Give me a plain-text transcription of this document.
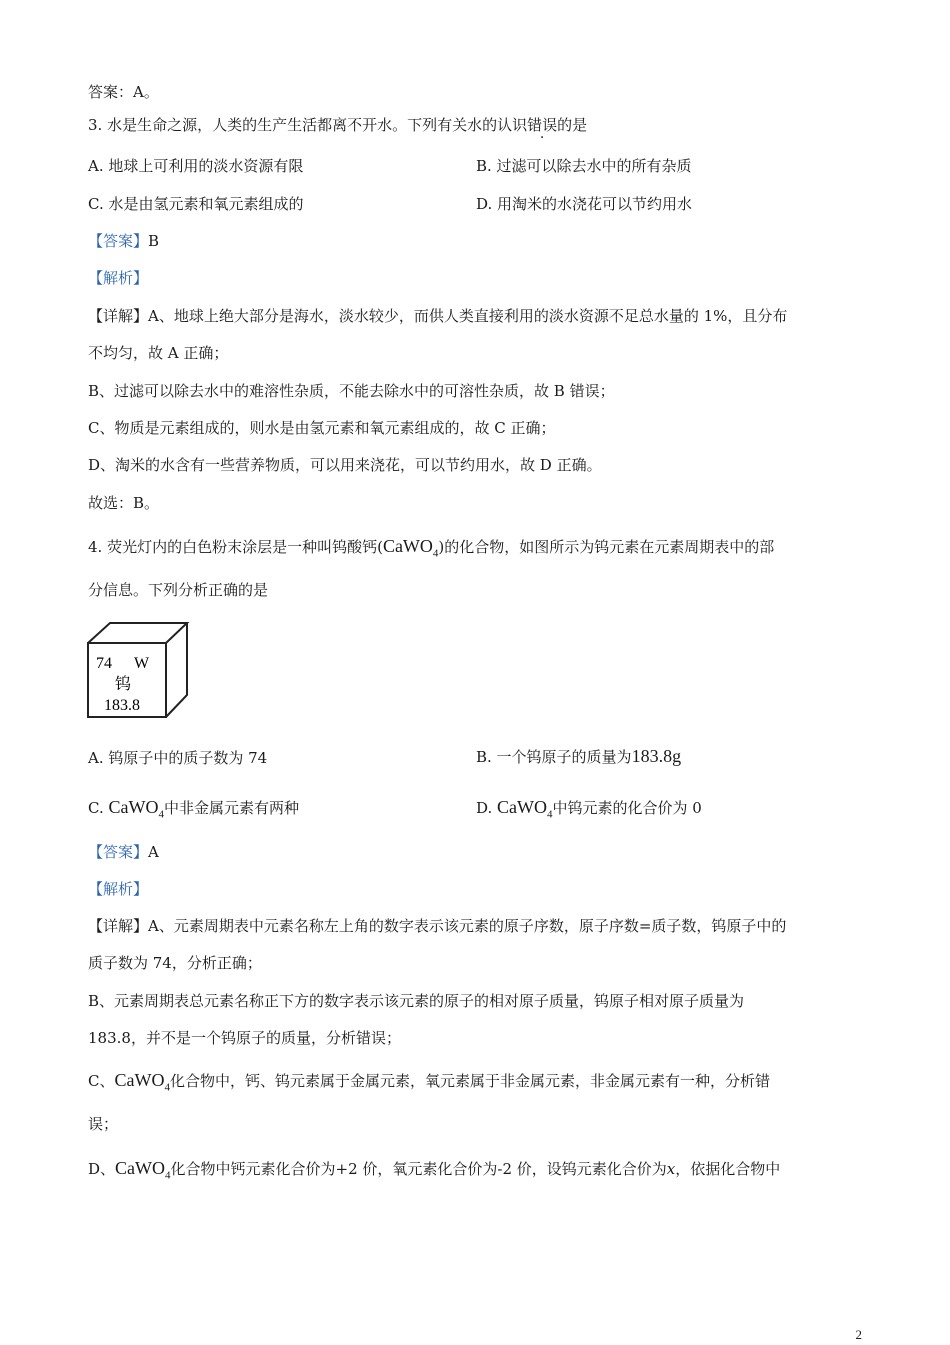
答案：A。
3. 水是生命之源，人类的生产生活都离不开水。下列有关水的认识错误的是
A. 地球上可利用的淡水资源有限	B. 过滤可以除去水中的所有杂质
C. 水是由氢元素和氧元素组成的	D. 用淘米的水浇花可以节约用水
【答案】B
【解析】
【详解】A、地球上绝大部分是海水，淡水较少，而供人类直接利用的淡水资源不足总水量的 1%，且分布
不均匀，故 A 正确；
B、过滤可以除去水中的难溶性杂质，不能去除水中的可溶性杂质，故 B 错误；
C、物质是元素组成的，则水是由氢元素和氧元素组成的，故 C 正确；
D、淘米的水含有一些营养物质，可以用来浇花，可以节约用水，故 D 正确。
故选：B。
4. 荧光灯内的白色粉末涂层是一种叫钨酸钙(CaWO$_4$)的化合物，如图所示为钨元素在元素周期表中的部
分信息。下列分析正确的是
74 W
钨
183.8
A. 钨原子中的质子数为 74	B. 一个钨原子的质量为183.8g
C. CaWO$_4$中非金属元素有两种	D. CaWO$_4$中钨元素的化合价为 0
【答案】A
【解析】
【详解】A、元素周期表中元素名称左上角的数字表示该元素的原子序数，原子序数=质子数，钨原子中的
质子数为 74，分析正确；
B、元素周期表总元素名称正下方的数字表示该元素的原子的相对原子质量，钨原子相对原子质量为
183.8，并不是一个钨原子的质量，分析错误；
C、CaWO$_4$化合物中，钙、钨元素属于金属元素，氧元素属于非金属元素，非金属元素有一种，分析错
误；
D、CaWO$_4$化合物中钙元素化合价为+2 价，氧元素化合价为-2 价，设钨元素化合价为x，依据化合物中
2
